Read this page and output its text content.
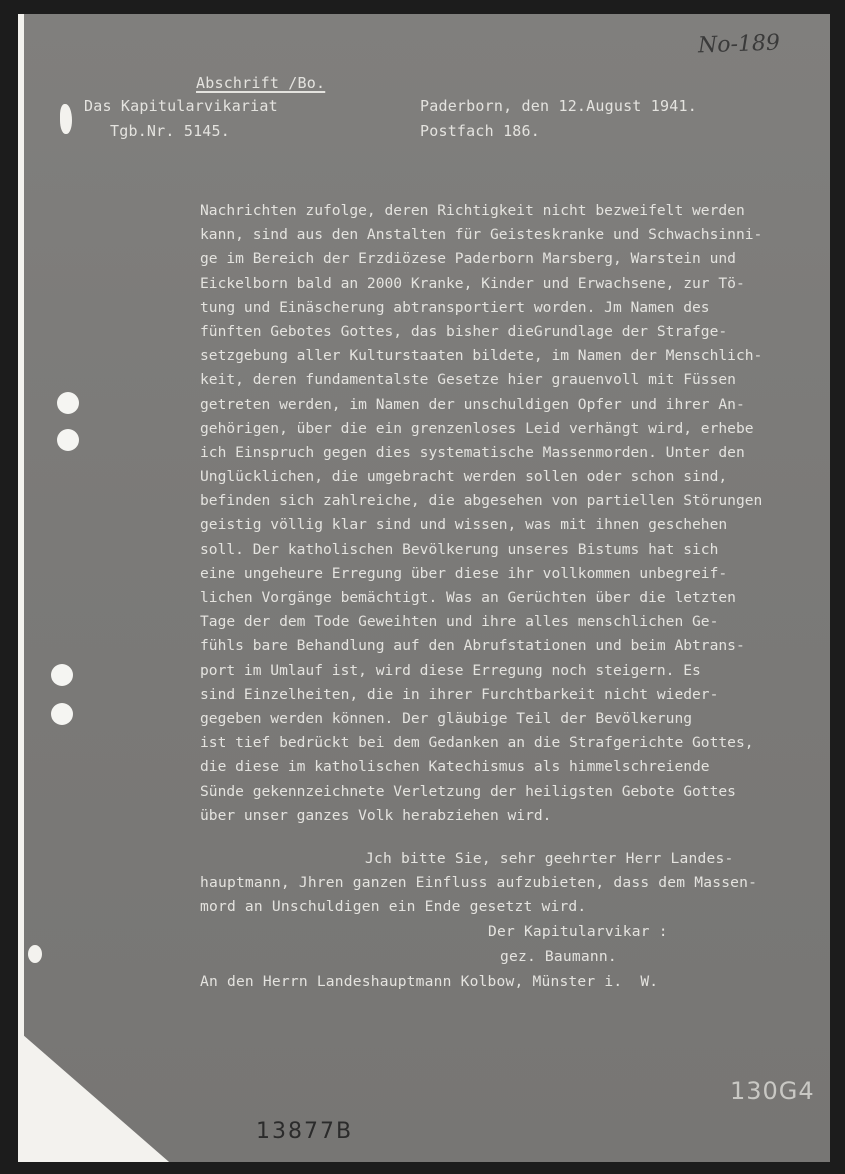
No-189
Abschrift /Bo.
Das Kapitularvikariat
Tgb.Nr. 5145.
Paderborn, den 12.August 1941.
Postfach 186.
Nachrichten zufolge, deren Richtigkeit nicht bezweifelt werden
kann, sind aus den Anstalten für Geisteskranke und Schwachsinni-
ge im Bereich der Erzdiözese Paderborn Marsberg, Warstein und
Eickelborn bald an 2000 Kranke, Kinder und Erwachsene, zur Tö-
tung und Einäscherung abtransportiert worden. Jm Namen des
fünften Gebotes Gottes, das bisher dieGrundlage der Strafge-
setzgebung aller Kulturstaaten bildete, im Namen der Menschlich-
keit, deren fundamentalste Gesetze hier grauenvoll mit Füssen
getreten werden, im Namen der unschuldigen Opfer und ihrer An-
gehörigen, über die ein grenzenloses Leid verhängt wird, erhebe
ich Einspruch gegen dies systematische Massenmorden. Unter den
Unglücklichen, die umgebracht werden sollen oder schon sind,
befinden sich zahlreiche, die abgesehen von partiellen Störungen
geistig völlig klar sind und wissen, was mit ihnen geschehen
soll. Der katholischen Bevölkerung unseres Bistums hat sich
eine ungeheure Erregung über diese ihr vollkommen unbegreif-
lichen Vorgänge bemächtigt. Was an Gerüchten über die letzten
Tage der dem Tode Geweihten und ihre alles menschlichen Ge-
fühls bare Behandlung auf den Abrufstationen und beim Abtrans-
port im Umlauf ist, wird diese Erregung noch steigern. Es
sind Einzelheiten, die in ihrer Furchtbarkeit nicht wieder-
gegeben werden können. Der gläubige Teil der Bevölkerung
ist tief bedrückt bei dem Gedanken an die Strafgerichte Gottes,
die diese im katholischen Katechismus als himmelschreiende
Sünde gekennzeichnete Verletzung der heiligsten Gebote Gottes
über unser ganzes Volk herabziehen wird.
Jch bitte Sie, sehr geehrter Herr Landes-
hauptmann, Jhren ganzen Einfluss aufzubieten, dass dem Massen-
mord an Unschuldigen ein Ende gesetzt wird.
Der Kapitularvikar :
gez. Baumann.
An den Herrn Landeshauptmann Kolbow, Münster i.  W.
130G4
13877B
